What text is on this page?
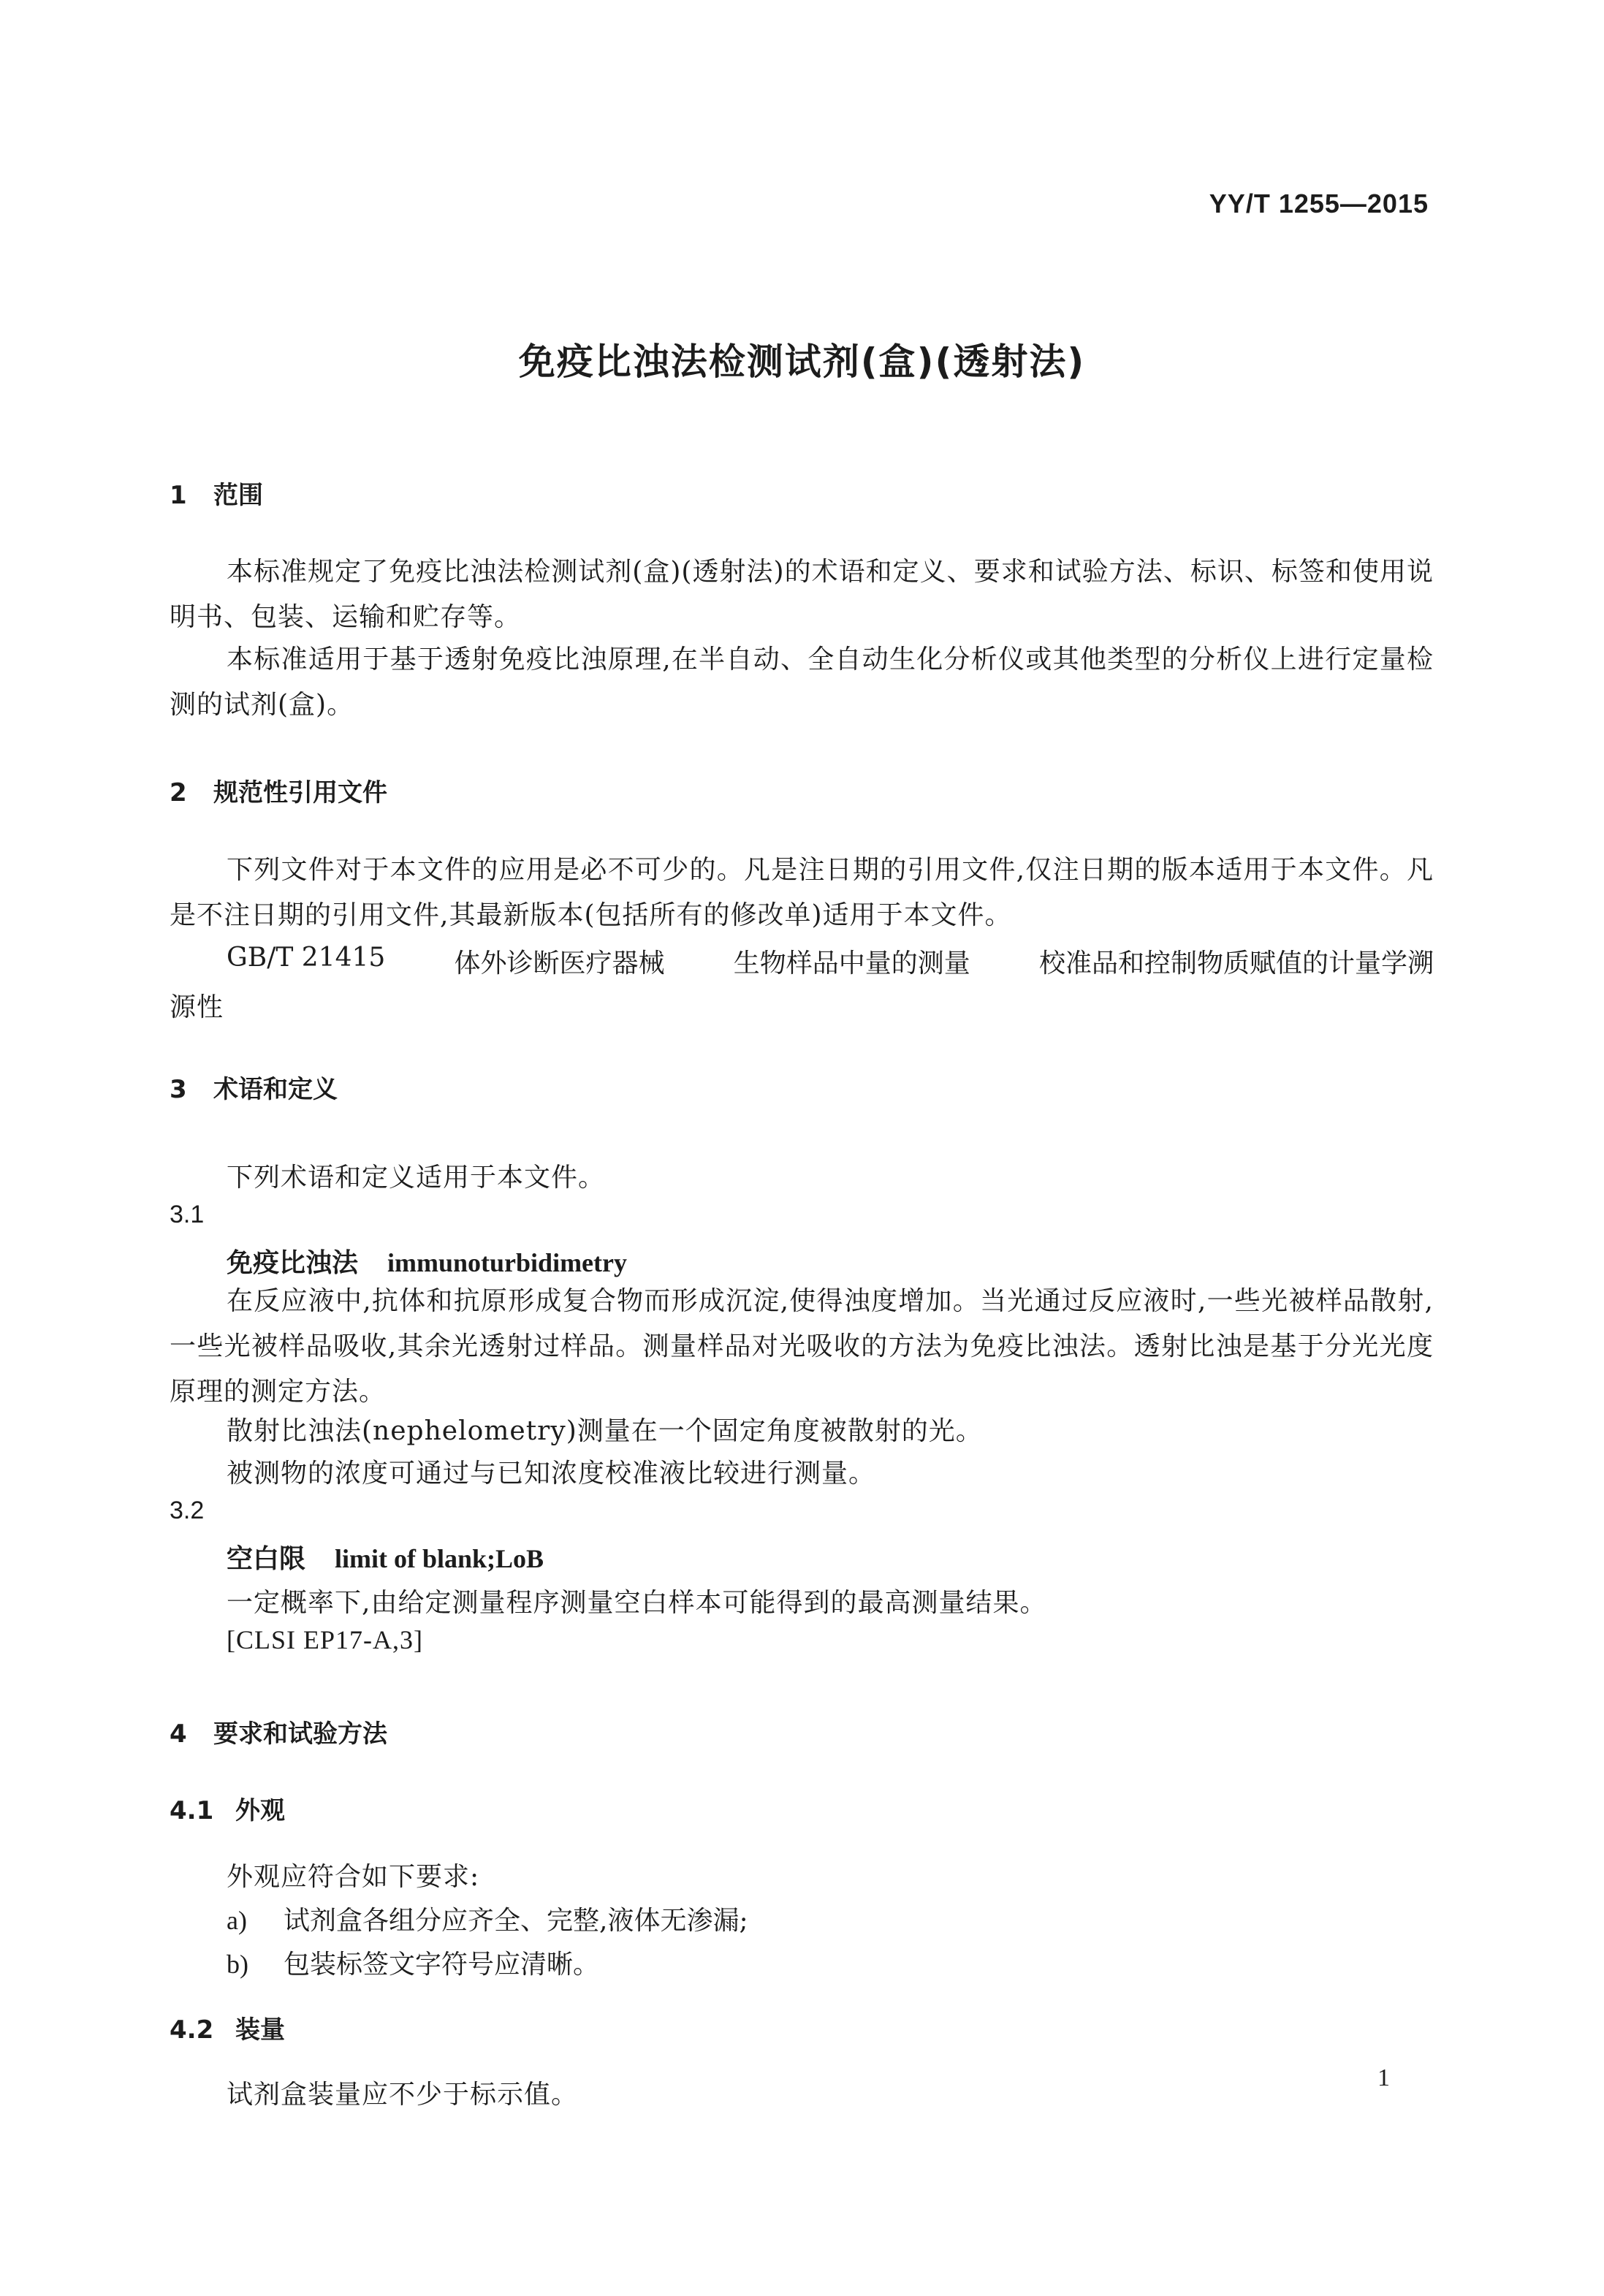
YY/T 1255—2015
免疫比浊法检测试剂(盒)(透射法)
1 范围
本标准规定了免疫比浊法检测试剂(盒)(透射法)的术语和定义、要求和试验方法、标识、标签和使用说明书、包装、运输和贮存等。
本标准适用于基于透射免疫比浊原理,在半自动、全自动生化分析仪或其他类型的分析仪上进行定量检测的试剂(盒)。
2 规范性引用文件
下列文件对于本文件的应用是必不可少的。凡是注日期的引用文件,仅注日期的版本适用于本文件。凡是不注日期的引用文件,其最新版本(包括所有的修改单)适用于本文件。
GB/T 21415	体外诊断医疗器械	生物样品中量的测量	校准品和控制物质赋值的计量学溯
源性
3 术语和定义
下列术语和定义适用于本文件。
3.1
免疫比浊法 immunoturbidimetry
在反应液中,抗体和抗原形成复合物而形成沉淀,使得浊度增加。当光通过反应液时,一些光被样品散射,一些光被样品吸收,其余光透射过样品。测量样品对光吸收的方法为免疫比浊法。透射比浊是基于分光光度原理的测定方法。
散射比浊法(nephelometry)测量在一个固定角度被散射的光。
被测物的浓度可通过与已知浓度校准液比较进行测量。
3.2
空白限 limit of blank;LoB
一定概率下,由给定测量程序测量空白样本可能得到的最高测量结果。
[CLSI EP17-A,3]
4 要求和试验方法
4.1 外观
外观应符合如下要求:
a) 试剂盒各组分应齐全、完整,液体无渗漏;
b) 包装标签文字符号应清晰。
4.2 装量
试剂盒装量应不少于标示值。
1
